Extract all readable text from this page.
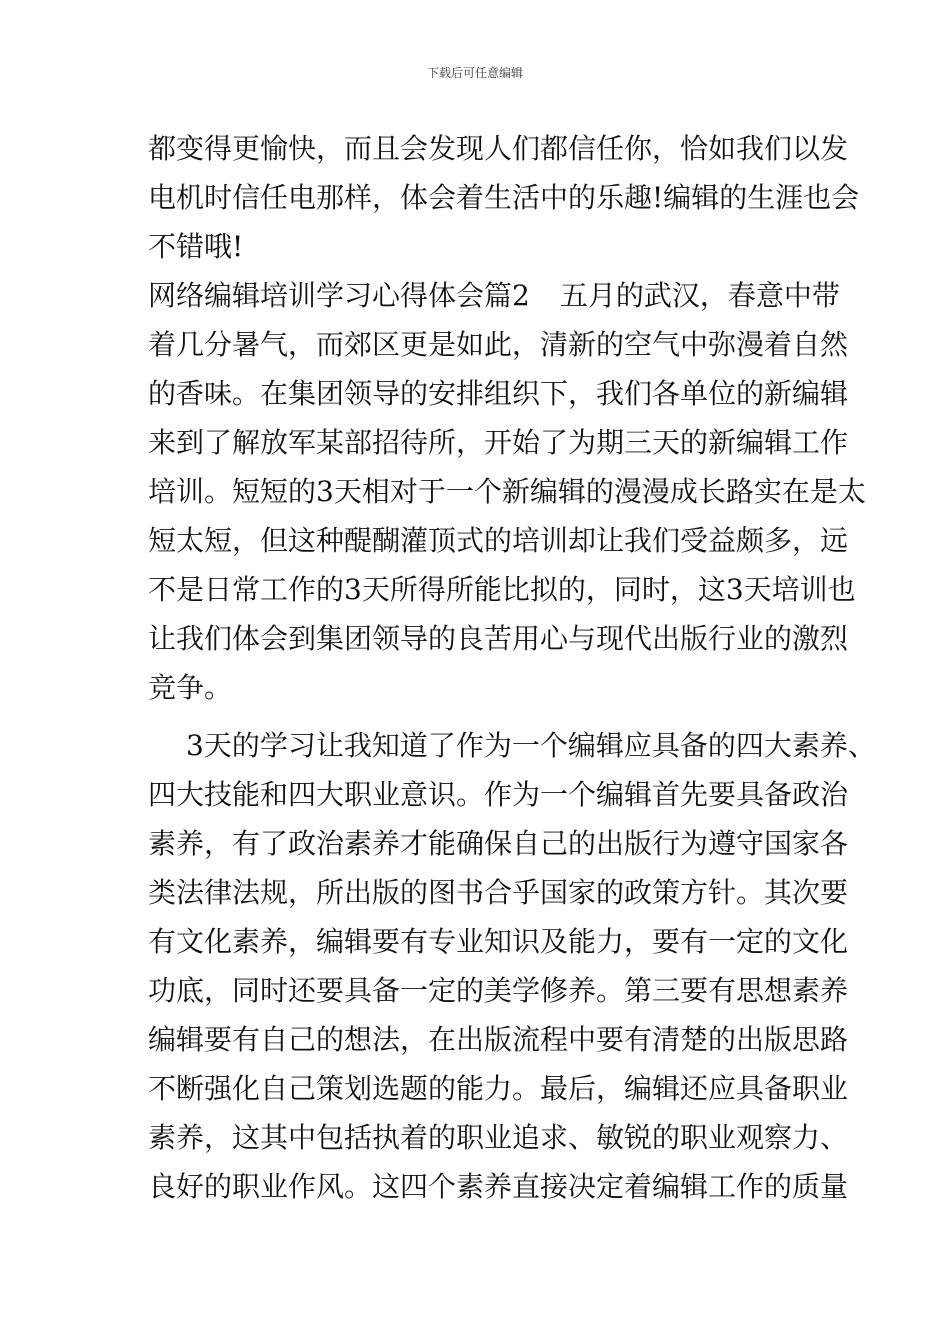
下载后可任意编辑
都变得更愉快，而且会发现人们都信任你，恰如我们以发
电机时信任电那样，体会着生活中的乐趣!编辑的生涯也会
不错哦!
网络编辑培训学习心得体会篇2 五月的武汉，春意中带
着几分暑气，而郊区更是如此，清新的空气中弥漫着自然
的香味。在集团领导的安排组织下，我们各单位的新编辑
来到了解放军某部招待所，开始了为期三天的新编辑工作
培训。短短的3天相对于一个新编辑的漫漫成长路实在是太
短太短，但这种醍醐灌顶式的培训却让我们受益颇多，远
不是日常工作的3天所得所能比拟的，同时，这3天培训也
让我们体会到集团领导的良苦用心与现代出版行业的激烈
竞争。
3天的学习让我知道了作为一个编辑应具备的四大素养、
四大技能和四大职业意识。作为一个编辑首先要具备政治
素养，有了政治素养才能确保自己的出版行为遵守国家各
类法律法规，所出版的图书合乎国家的政策方针。其次要
有文化素养，编辑要有专业知识及能力，要有一定的文化
功底，同时还要具备一定的美学修养。第三要有思想素养
编辑要有自己的想法，在出版流程中要有清楚的出版思路
不断强化自己策划选题的能力。最后，编辑还应具备职业
素养，这其中包括执着的职业追求、敏锐的职业观察力、
良好的职业作风。这四个素养直接决定着编辑工作的质量
